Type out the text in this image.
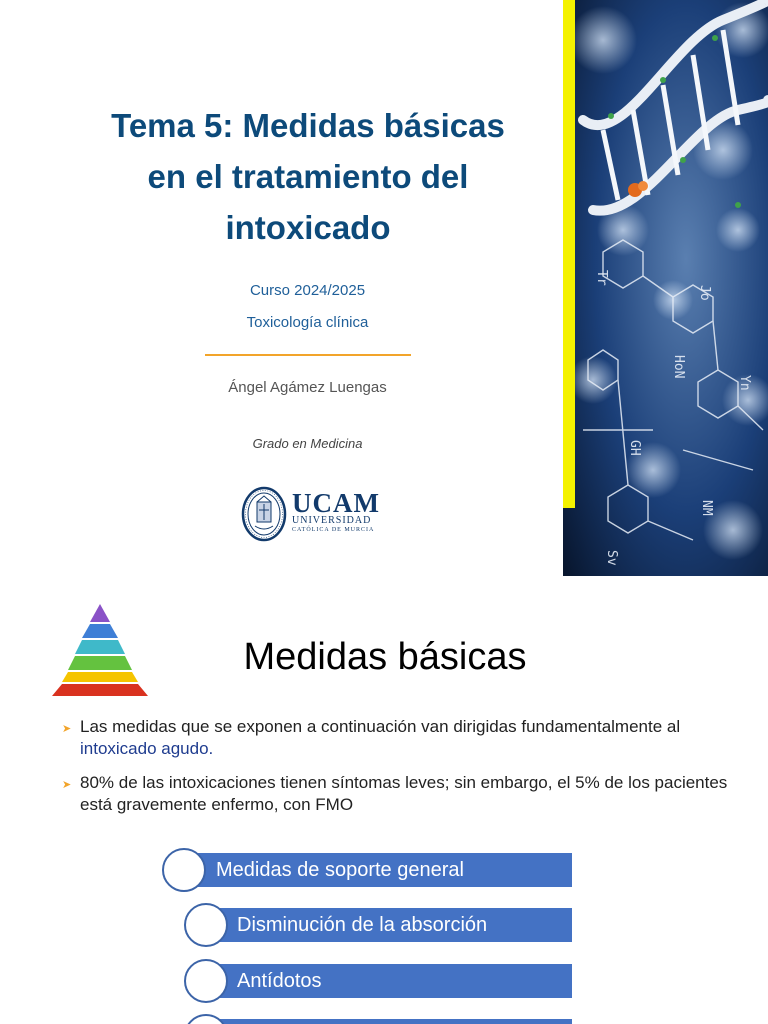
Tema 5: Medidas básicas
en el tratamiento del
intoxicado
Curso 2024/2025
Toxicología clínica
Ángel Agámez Luengas
Grado en Medicina
UCAM
UNIVERSIDAD
CATÓLICA DE MURCIA
Tr
Jo
HoN
Yn
GH
NM
Sv
Medidas básicas
➤ Las medidas que se exponen a continuación van dirigidas fundamentalmente al intoxicado agudo.
➤ 80% de las intoxicaciones tienen síntomas leves; sin embargo, el 5% de los pacientes está gravemente enfermo, con FMO
Medidas de soporte general
Disminución de la absorción
Antídotos
